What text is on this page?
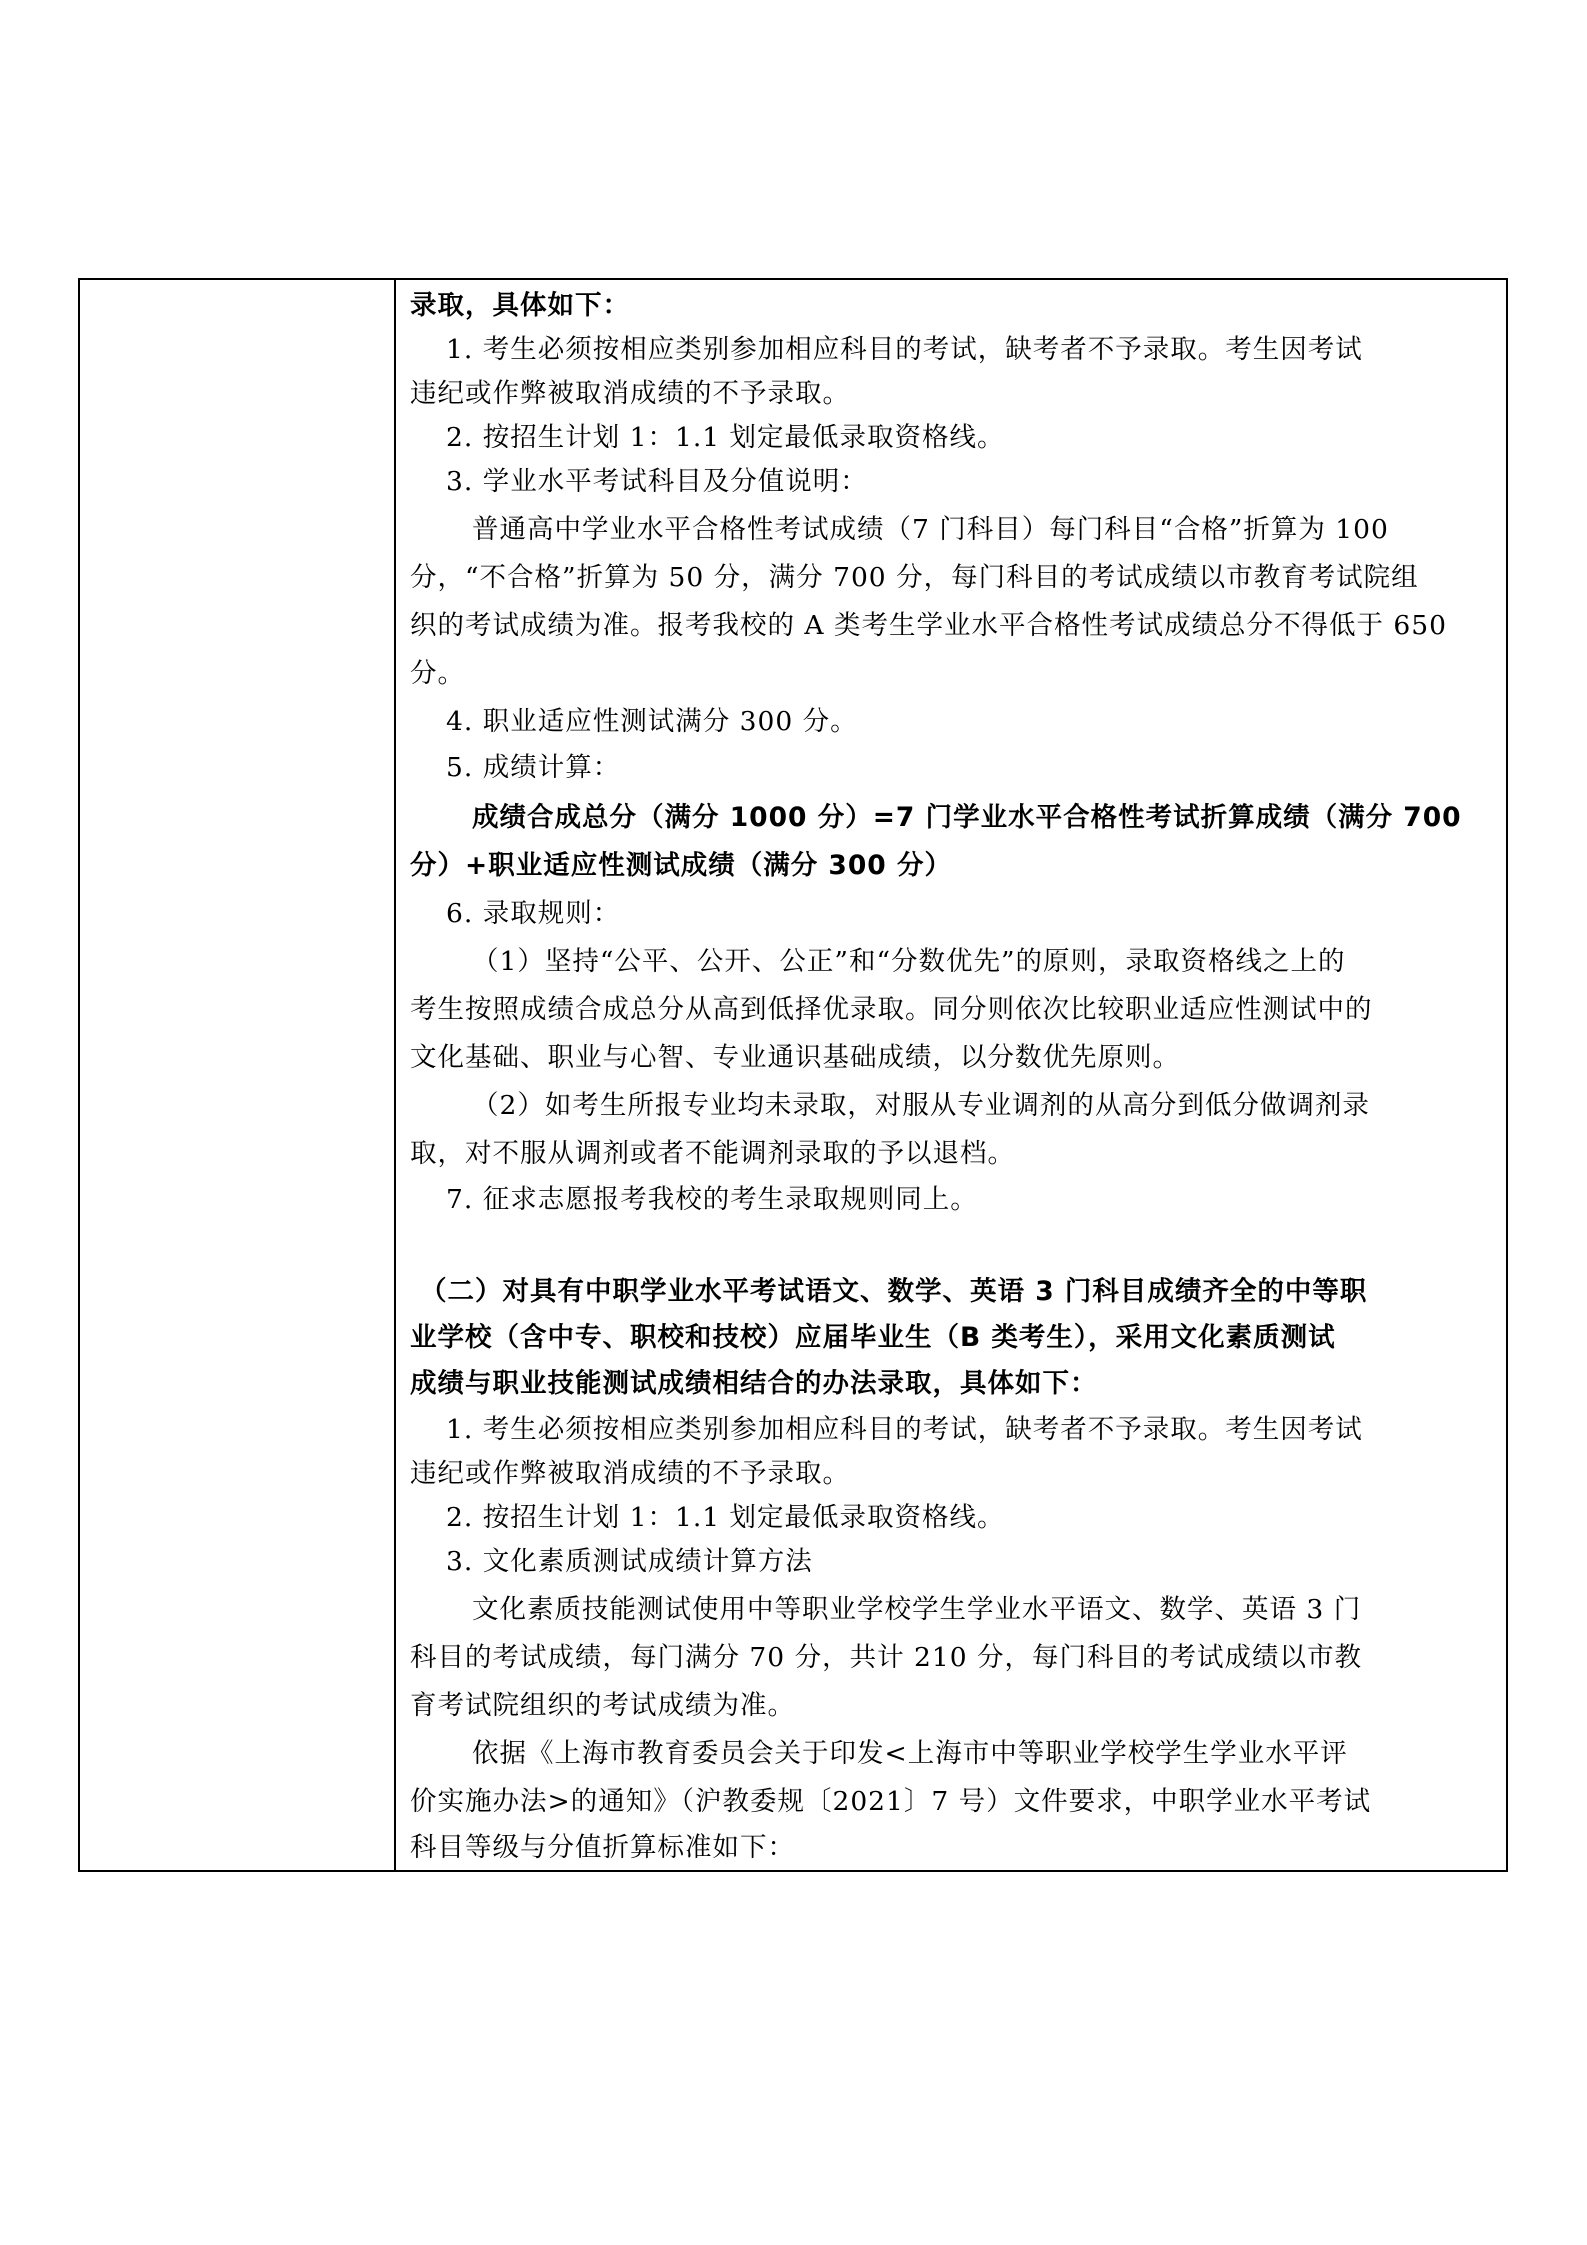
录取，具体如下：
1. 考生必须按相应类别参加相应科目的考试，缺考者不予录取。考生因考试
违纪或作弊被取消成绩的不予录取。
2. 按招生计划 1：1.1 划定最低录取资格线。
3. 学业水平考试科目及分值说明：
普通高中学业水平合格性考试成绩（7 门科目）每门科目“合格”折算为 100
分，“不合格”折算为 50 分，满分 700 分，每门科目的考试成绩以市教育考试院组
织的考试成绩为准。报考我校的 A 类考生学业水平合格性考试成绩总分不得低于 650
分。
4. 职业适应性测试满分 300 分。
5. 成绩计算：
成绩合成总分（满分 1000 分）=7 门学业水平合格性考试折算成绩（满分 700
分）+职业适应性测试成绩（满分 300 分）
6. 录取规则：
（1）坚持“公平、公开、公正”和“分数优先”的原则，录取资格线之上的
考生按照成绩合成总分从高到低择优录取。同分则依次比较职业适应性测试中的
文化基础、职业与心智、专业通识基础成绩，以分数优先原则。
（2）如考生所报专业均未录取，对服从专业调剂的从高分到低分做调剂录
取，对不服从调剂或者不能调剂录取的予以退档。
7. 征求志愿报考我校的考生录取规则同上。
（二）对具有中职学业水平考试语文、数学、英语 3 门科目成绩齐全的中等职
业学校（含中专、职校和技校）应届毕业生（B 类考生），采用文化素质测试
成绩与职业技能测试成绩相结合的办法录取，具体如下：
1. 考生必须按相应类别参加相应科目的考试，缺考者不予录取。考生因考试
违纪或作弊被取消成绩的不予录取。
2. 按招生计划 1：1.1 划定最低录取资格线。
3. 文化素质测试成绩计算方法
文化素质技能测试使用中等职业学校学生学业水平语文、数学、英语 3 门
科目的考试成绩，每门满分 70 分，共计 210 分，每门科目的考试成绩以市教
育考试院组织的考试成绩为准。
依据《上海市教育委员会关于印发<上海市中等职业学校学生学业水平评
价实施办法>的通知》（沪教委规〔2021〕7 号）文件要求，中职学业水平考试
科目等级与分值折算标准如下：
